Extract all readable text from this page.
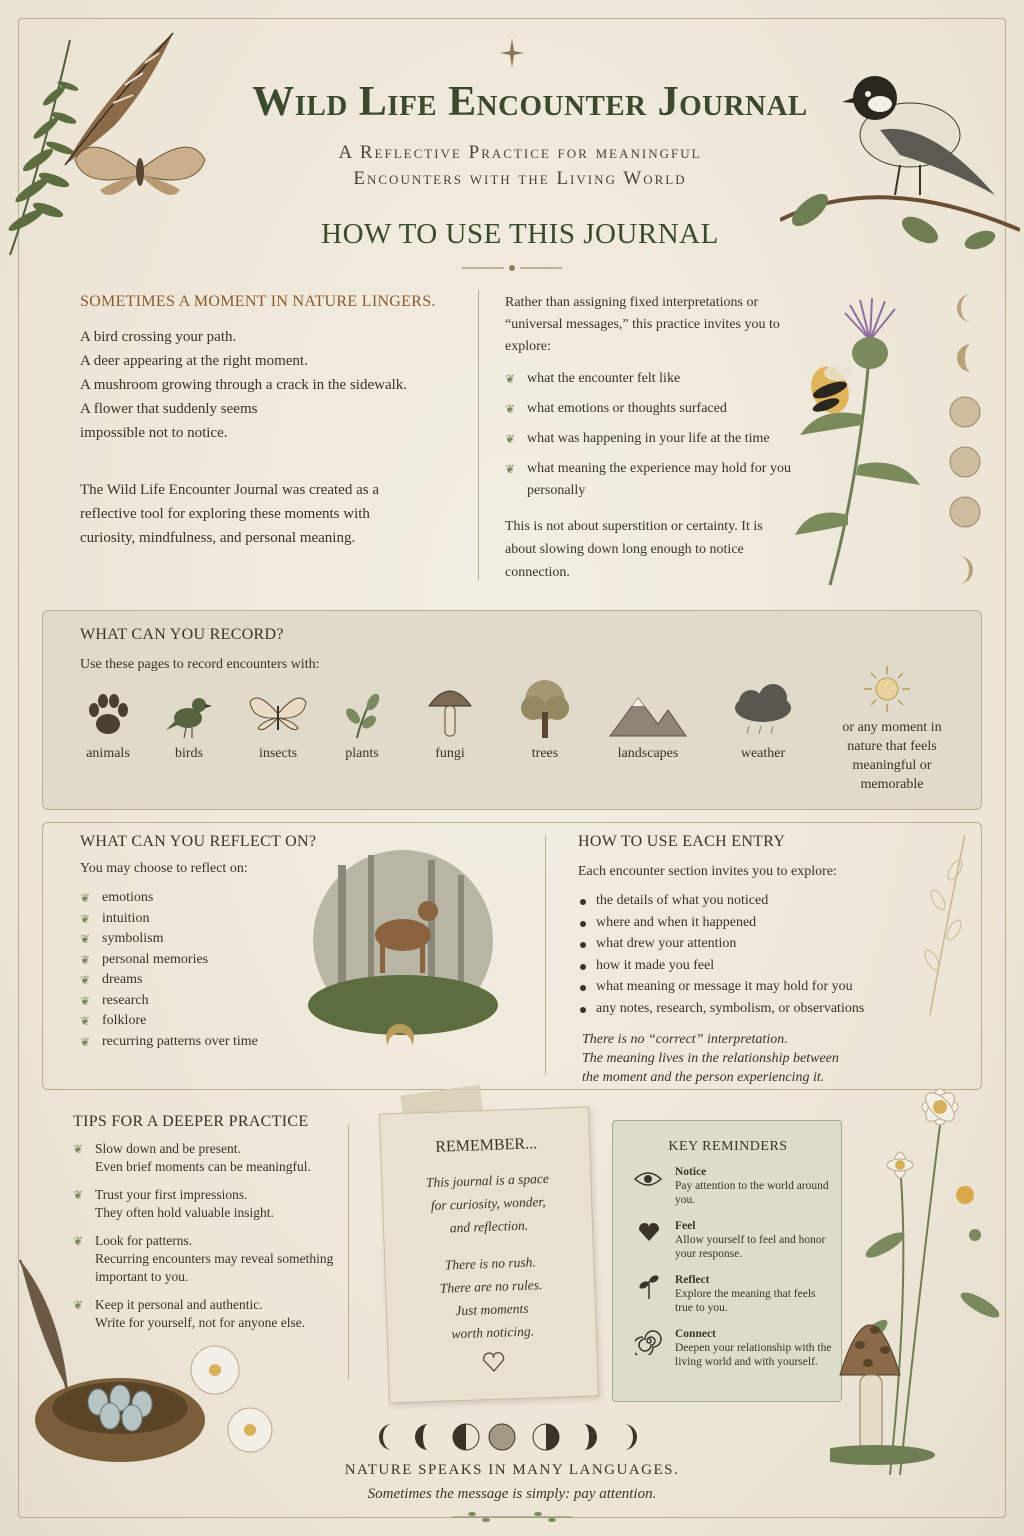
Wild Life Encounter Journal
A Reflective Practice for meaningful
Encounters with the Living World
HOW TO USE THIS JOURNAL
SOMETIMES A MOMENT IN NATURE LINGERS.
A bird crossing your path.
A deer appearing at the right moment.
A mushroom growing through a crack in the sidewalk.
A flower that suddenly seems
impossible not to notice.
The Wild Life Encounter Journal was created as a reflective tool for exploring these moments with curiosity, mindfulness, and personal meaning.
Rather than assigning fixed interpretations or “universal messages,” this practice invites you to explore:
❦ what the encounter felt like
❦ what emotions or thoughts surfaced
❦ what was happening in your life at the time
❦ what meaning the experience may hold for you personally
This is not about superstition or certainty. It is about slowing down long enough to notice connection.
WHAT CAN YOU RECORD?
Use these pages to record encounters with:
animals	birds	insects	plants	fungi	trees	landscapes	weather
or any moment in nature that feels meaningful or memorable
WHAT CAN YOU REFLECT ON?
You may choose to reflect on:
❦ emotions
❦ intuition
❦ symbolism
❦ personal memories
❦ dreams
❦ research
❦ folklore
❦ recurring patterns over time
HOW TO USE EACH ENTRY
Each encounter section invites you to explore:
the details of what you noticed
where and when it happened
what drew your attention
how it made you feel
what meaning or message it may hold for you
any notes, research, symbolism, or observations
There is no “correct” interpretation.
The meaning lives in the relationship between
the moment and the person experiencing it.
TIPS FOR A DEEPER PRACTICE
❦ Slow down and be present.
Even brief moments can be meaningful.
❦ Trust your first impressions.
They often hold valuable insight.
❦ Look for patterns.
Recurring encounters may reveal something important to you.
❦ Keep it personal and authentic.
Write for yourself, not for anyone else.
REMEMBER...
This journal is a space
for curiosity, wonder,
and reflection.
There is no rush.
There are no rules.
Just moments
worth noticing.
KEY REMINDERS
Notice
Pay attention to the world around you.
Feel
Allow yourself to feel and honor your response.
Reflect
Explore the meaning that feels true to you.
Connect
Deepen your relationship with the living world and with yourself.
NATURE SPEAKS IN MANY LANGUAGES.
Sometimes the message is simply: pay attention.
